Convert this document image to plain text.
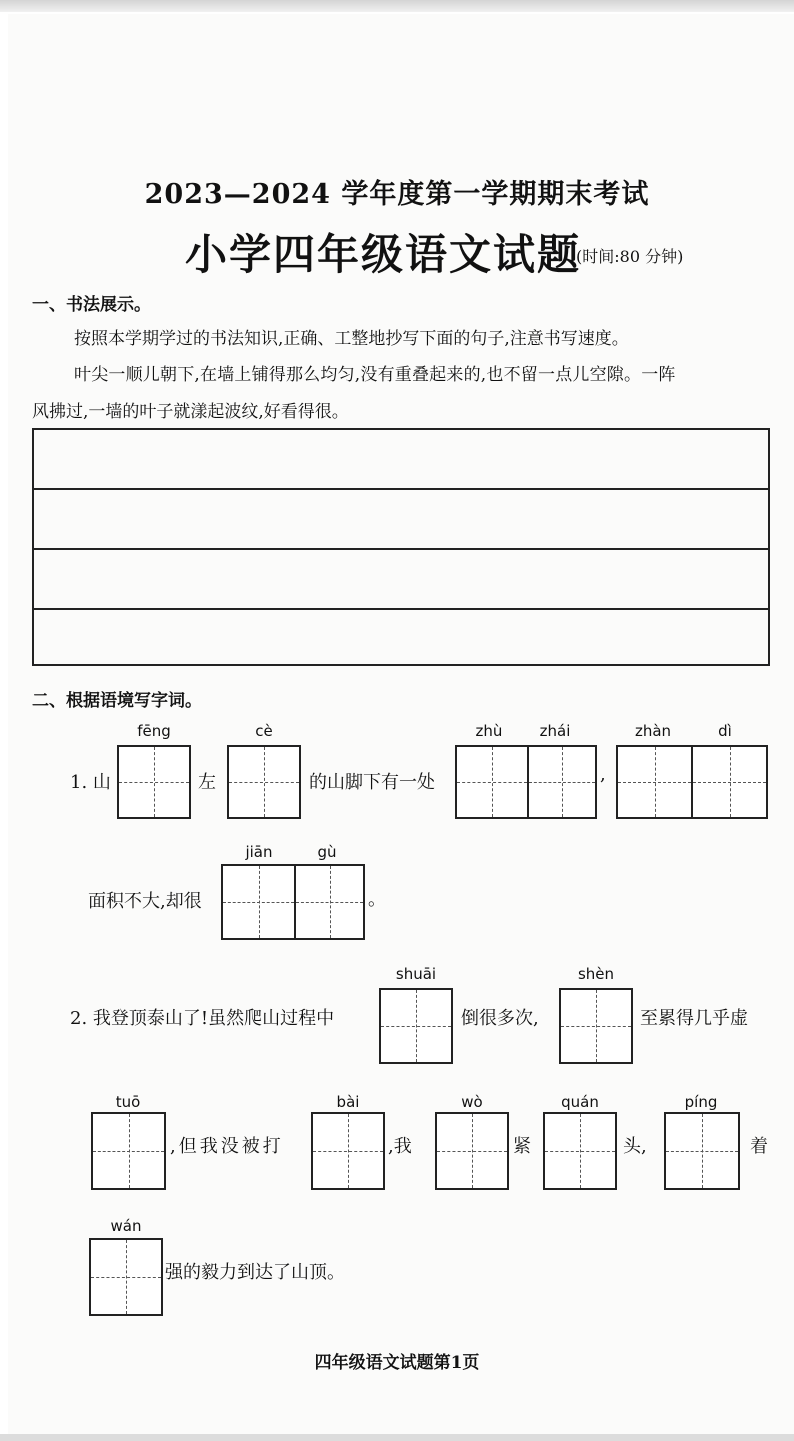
2023—2024 学年度第一学期期末考试
小学四年级语文试题
(时间:80 分钟)
一、书法展示。
按照本学期学过的书法知识,正确、工整地抄写下面的句子,注意书写速度。
叶尖一顺儿朝下,在墙上铺得那么均匀,没有重叠起来的,也不留一点儿空隙。一阵
风拂过,一墙的叶子就漾起波纹,好看得很。
二、根据语境写字词。
fēng	cè	zhù	zhái	zhàn	dì
1. 山	左	的山脚下有一处	,
jiān	gù
面积不大,却很	。
shuāi	shèn
2. 我登顶泰山了!虽然爬山过程中	倒很多次,	至累得几乎虚
tuō	bài	wò	quán	píng
,但我没被打	,我	紧	头,	着
wán
强的毅力到达了山顶。
四年级语文试题第1页
